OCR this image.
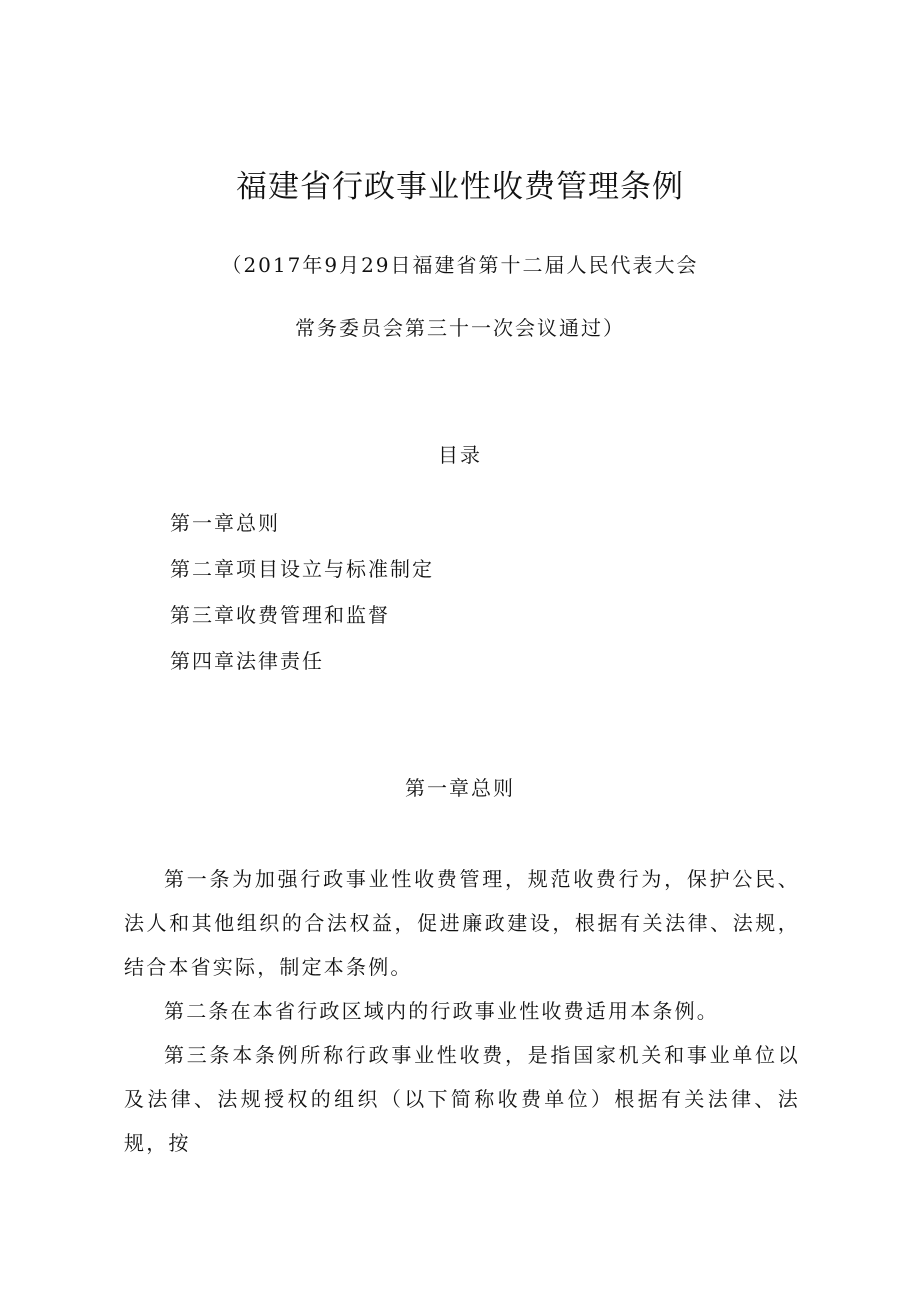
福建省行政事业性收费管理条例
（2017年9月29日福建省第十二届人民代表大会
常务委员会第三十一次会议通过）
目录
第一章总则
第二章项目设立与标准制定
第三章收费管理和监督
第四章法律责任
第一章总则

第一条为加强行政事业性收费管理，规范收费行为，保护公民、法人和其他组织的合法权益，促进廉政建设，根据有关法律、法规，结合本省实际，制定本条例。

第二条在本省行政区域内的行政事业性收费适用本条例。

第三条本条例所称行政事业性收费，是指国家机关和事业单位以及法律、法规授权的组织（以下简称收费单位）根据有关法律、法规，按
